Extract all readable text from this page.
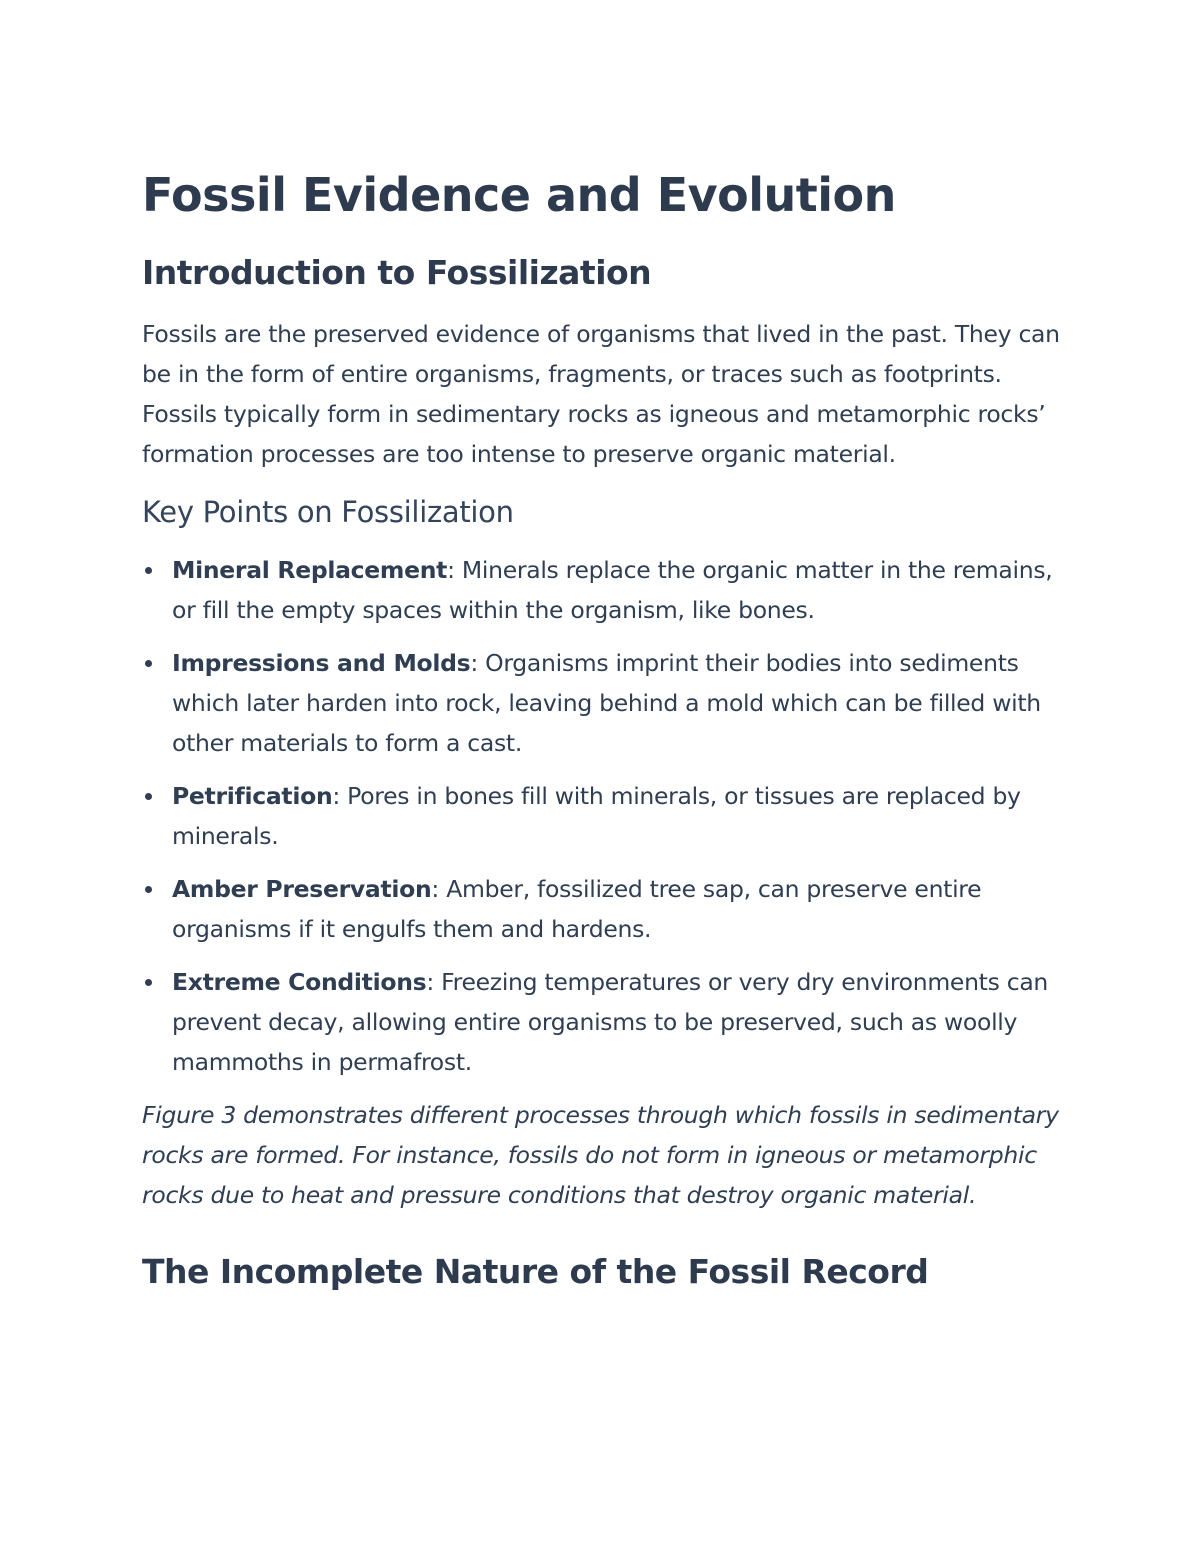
Fossil Evidence and Evolution
Introduction to Fossilization

Fossils are the preserved evidence of organisms that lived in the past. They can be in the form of entire organisms, fragments, or traces such as footprints. Fossils typically form in sedimentary rocks as igneous and metamorphic rocks’ formation processes are too intense to preserve organic material.

Key Points on Fossilization
Mineral Replacement: Minerals replace the organic matter in the remains, or fill the empty spaces within the organism, like bones.
Impressions and Molds: Organisms imprint their bodies into sediments which later harden into rock, leaving behind a mold which can be filled with other materials to form a cast.
Petrification: Pores in bones fill with minerals, or tissues are replaced by minerals.
Amber Preservation: Amber, fossilized tree sap, can preserve entire organisms if it engulfs them and hardens.
Extreme Conditions: Freezing temperatures or very dry environments can prevent decay, allowing entire organisms to be preserved, such as woolly mammoths in permafrost.

Figure 3 demonstrates different processes through which fossils in sedimentary rocks are formed. For instance, fossils do not form in igneous or metamorphic rocks due to heat and pressure conditions that destroy organic material.

The Incomplete Nature of the Fossil Record
